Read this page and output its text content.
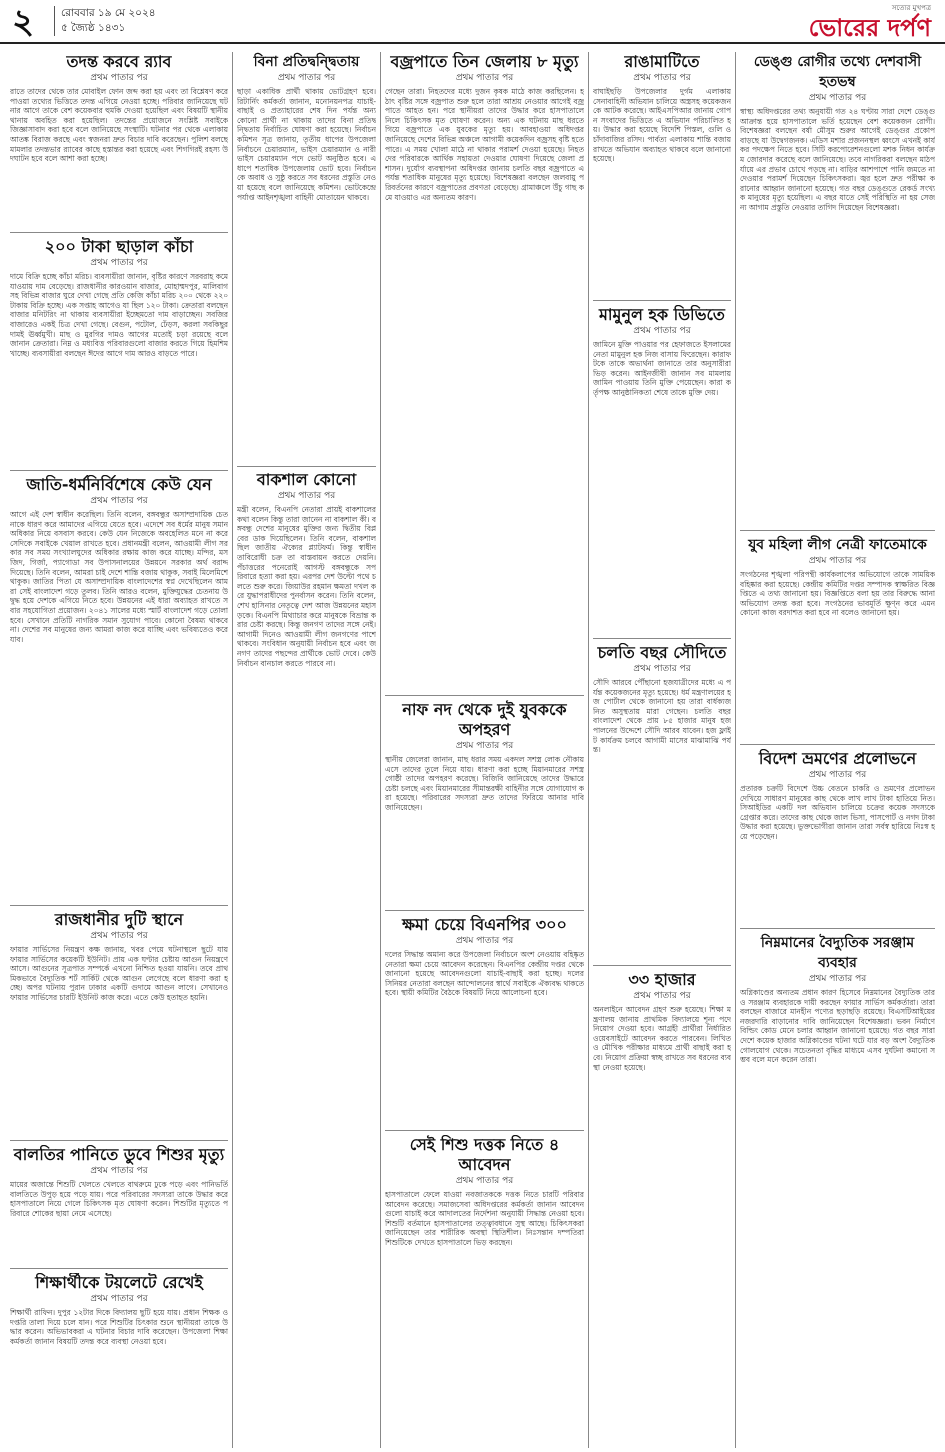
২	রোববার ১৯ মে ২০২৪
৫ জ্যৈষ্ঠ ১৪৩১
সত্যের মুখপত্র
ভোরের দর্পণ
তদন্ত করবে র‌্যাব
প্রথম পাতার পর
রাতে তাদের থেকে তার মোবাইল ফোন জব্দ করা হয় এবং তা বিশ্লেষণ করে পাওয়া তথ্যের ভিত্তিতে তদন্ত এগিয়ে নেওয়া হচ্ছে। পরিবার জানিয়েছে ঘটনার আগে তাকে বেশ কয়েকবার হুমকি দেওয়া হয়েছিল এবং বিষয়টি স্থানীয় থানায় অবহিত করা হয়েছিল। তদন্তের প্রয়োজনে সংশ্লিষ্ট সবাইকে জিজ্ঞাসাবাদ করা হবে বলে জানিয়েছে সংস্থাটি। ঘটনার পর থেকে এলাকায় আতঙ্ক বিরাজ করছে এবং স্বজনরা দ্রুত বিচার দাবি করেছেন। পুলিশ বলছে মামলার তদন্তভার র‌্যাবের কাছে হস্তান্তর করা হয়েছে এবং শিগগিরই রহস্য উদঘাটন হবে বলে আশা করা হচ্ছে।
২০০ টাকা ছাড়াল কাঁচা
প্রথম পাতার পর
দামে বিক্রি হচ্ছে কাঁচা মরিচ। ব্যবসায়ীরা জানান, বৃষ্টির কারণে সরবরাহ কমে যাওয়ায় দাম বেড়েছে। রাজধানীর কারওয়ান বাজার, মোহাম্মদপুর, মালিবাগসহ বিভিন্ন বাজার ঘুরে দেখা গেছে প্রতি কেজি কাঁচা মরিচ ২০০ থেকে ২২০ টাকায় বিক্রি হচ্ছে। এক সপ্তাহ আগেও যা ছিল ১২০ টাকা। ক্রেতারা বলছেন বাজার মনিটরিং না থাকায় ব্যবসায়ীরা ইচ্ছেমতো দাম বাড়াচ্ছেন। সবজির বাজারেও একই চিত্র দেখা গেছে। বেগুন, পটোল, ঢেঁড়স, করলা সবকিছুর দামই ঊর্ধ্বমুখী। মাছ ও মুরগির দামও আগের মতোই চড়া রয়েছে বলে জানান ক্রেতারা। নিম্ন ও মধ্যবিত্ত পরিবারগুলো বাজার করতে গিয়ে হিমশিম খাচ্ছে। ব্যবসায়ীরা বলছেন ঈদের আগে দাম আরও বাড়তে পারে।
জাতি-ধর্মনির্বিশেষে কেউ যেন
প্রথম পাতার পর
আগে এই দেশ স্বাধীন করেছিল। তিনি বলেন, বঙ্গবন্ধুর অসাম্প্রদায়িক চেতনাকে ধারণ করে আমাদের এগিয়ে যেতে হবে। এদেশে সব ধর্মের মানুষ সমান অধিকার নিয়ে বসবাস করবে। কেউ যেন নিজেকে অবহেলিত মনে না করে সেদিকে সবাইকে খেয়াল রাখতে হবে। প্রধানমন্ত্রী বলেন, আওয়ামী লীগ সরকার সব সময় সংখ্যালঘুদের অধিকার রক্ষায় কাজ করে যাচ্ছে। মন্দির, মসজিদ, গির্জা, প্যাগোডা সব উপাসনালয়ের উন্নয়নে সরকার অর্থ বরাদ্দ দিয়েছে। তিনি বলেন, আমরা চাই দেশে শান্তি বজায় থাকুক, সবাই মিলেমিশে থাকুক। জাতির পিতা যে অসাম্প্রদায়িক বাংলাদেশের স্বপ্ন দেখেছিলেন আমরা সেই বাংলাদেশ গড়ে তুলব। তিনি আরও বলেন, মুক্তিযুদ্ধের চেতনায় উদ্বুদ্ধ হয়ে দেশকে এগিয়ে নিতে হবে। উন্নয়নের এই ধারা অব্যাহত রাখতে সবার সহযোগিতা প্রয়োজন। ২০৪১ সালের মধ্যে স্মার্ট বাংলাদেশ গড়ে তোলা হবে। সেখানে প্রতিটি নাগরিক সমান সুযোগ পাবে। কোনো বৈষম্য থাকবে না। দেশের সব মানুষের জন্য আমরা কাজ করে যাচ্ছি এবং ভবিষ্যতেও করে যাব।
রাজধানীর দুটি স্থানে
প্রথম পাতার পর
ফায়ার সার্ভিসের নিয়ন্ত্রণ কক্ষ জানায়, খবর পেয়ে ঘটনাস্থলে ছুটে যায় ফায়ার সার্ভিসের কয়েকটি ইউনিট। প্রায় এক ঘণ্টার চেষ্টায় আগুন নিয়ন্ত্রণে আসে। আগুনের সূত্রপাত সম্পর্কে এখনো নিশ্চিত হওয়া যায়নি। তবে প্রাথমিকভাবে বৈদ্যুতিক শর্ট সার্কিট থেকে আগুন লেগেছে বলে ধারণা করা হচ্ছে। অপর ঘটনায় পুরান ঢাকার একটি গুদামে আগুন লাগে। সেখানেও ফায়ার সার্ভিসের চারটি ইউনিট কাজ করে। এতে কেউ হতাহত হয়নি।
বালতির পানিতে ডুবে শিশুর মৃত্যু
প্রথম পাতার পর
মায়ের অজান্তে শিশুটি খেলতে খেলতে বাথরুমে ঢুকে পড়ে এবং পানিভর্তি বালতিতে উপুড় হয়ে পড়ে যায়। পরে পরিবারের সদস্যরা তাকে উদ্ধার করে হাসপাতালে নিয়ে গেলে চিকিৎসক মৃত ঘোষণা করেন। শিশুটির মৃত্যুতে পরিবারে শোকের ছায়া নেমে এসেছে।
শিক্ষার্থীকে টয়লেটে রেখেই
প্রথম পাতার পর
শিক্ষার্থী রাফিন। দুপুর ১২টার দিকে বিদ্যালয় ছুটি হয়ে যায়। প্রধান শিক্ষক ও দপ্তরি তালা দিয়ে চলে যান। পরে শিশুটির চিৎকার শুনে স্থানীয়রা তাকে উদ্ধার করেন। অভিভাবকরা এ ঘটনার বিচার দাবি করেছেন। উপজেলা শিক্ষা কর্মকর্তা জানান বিষয়টি তদন্ত করে ব্যবস্থা নেওয়া হবে।
বিনা প্রতিদ্বন্দ্বিতায়
প্রথম পাতার পর
ছাড়া একাধিক প্রার্থী থাকায় ভোটগ্রহণ হবে। রিটার্নিং কর্মকর্তা জানান, মনোনয়নপত্র যাচাই-বাছাই ও প্রত্যাহারের শেষ দিন পর্যন্ত অন্য কোনো প্রার্থী না থাকায় তাদের বিনা প্রতিদ্বন্দ্বিতায় নির্বাচিত ঘোষণা করা হয়েছে। নির্বাচন কমিশন সূত্র জানায়, তৃতীয় ধাপের উপজেলা নির্বাচনে চেয়ারম্যান, ভাইস চেয়ারম্যান ও নারী ভাইস চেয়ারম্যান পদে ভোট অনুষ্ঠিত হবে। এ ধাপে শতাধিক উপজেলায় ভোট হবে। নির্বাচনকে অবাধ ও সুষ্ঠু করতে সব ধরনের প্রস্তুতি নেওয়া হয়েছে বলে জানিয়েছে কমিশন। ভোটকেন্দ্রে পর্যাপ্ত আইনশৃঙ্খলা বাহিনী মোতায়েন থাকবে।
বাকশাল কোনো
প্রথম পাতার পর
মন্ত্রী বলেন, বিএনপি নেতারা প্রায়ই বাকশালের কথা বলেন কিন্তু তারা জানেন না বাকশাল কী। বঙ্গবন্ধু দেশের মানুষের মুক্তির জন্য দ্বিতীয় বিপ্লবের ডাক দিয়েছিলেন। তিনি বলেন, বাকশাল ছিল জাতীয় ঐক্যের প্ল্যাটফর্ম। কিন্তু স্বাধীনতাবিরোধী চক্র তা বাস্তবায়ন করতে দেয়নি। পঁচাত্তরের পনেরোই আগস্ট বঙ্গবন্ধুকে সপরিবারে হত্যা করা হয়। এরপর দেশ উল্টো পথে চলতে শুরু করে। জিয়াউর রহমান ক্ষমতা দখল করে যুদ্ধাপরাধীদের পুনর্বাসন করেন। তিনি বলেন, শেখ হাসিনার নেতৃত্বে দেশ আজ উন্নয়নের মহাসড়কে। বিএনপি মিথ্যাচার করে মানুষকে বিভ্রান্ত করার চেষ্টা করছে। কিন্তু জনগণ তাদের সঙ্গে নেই। আগামী দিনেও আওয়ামী লীগ জনগণের পাশে থাকবে। সংবিধান অনুযায়ী নির্বাচন হবে এবং জনগণ তাদের পছন্দের প্রার্থীকে ভোট দেবে। কেউ নির্বাচন বানচাল করতে পারবে না।
বজ্রপাতে তিন জেলায় ৮ মৃত্যু
প্রথম পাতার পর
গেছেন তারা। নিহতদের মধ্যে দুজন কৃষক মাঠে কাজ করছিলেন। হঠাৎ বৃষ্টির সঙ্গে বজ্রপাত শুরু হলে তারা আশ্রয় নেওয়ার আগেই বজ্রপাতে আহত হন। পরে স্থানীয়রা তাদের উদ্ধার করে হাসপাতালে নিলে চিকিৎসক মৃত ঘোষণা করেন। অন্য এক ঘটনায় মাছ ধরতে গিয়ে বজ্রপাতে এক যুবকের মৃত্যু হয়। আবহাওয়া অধিদপ্তর জানিয়েছে দেশের বিভিন্ন অঞ্চলে আগামী কয়েকদিন বজ্রসহ বৃষ্টি হতে পারে। এ সময় খোলা মাঠে না থাকার পরামর্শ দেওয়া হয়েছে। নিহতদের পরিবারকে আর্থিক সহায়তা দেওয়ার ঘোষণা দিয়েছে জেলা প্রশাসন। দুর্যোগ ব্যবস্থাপনা অধিদপ্তর জানায় চলতি বছর বজ্রপাতে এ পর্যন্ত শতাধিক মানুষের মৃত্যু হয়েছে। বিশেষজ্ঞরা বলছেন জলবায়ু পরিবর্তনের কারণে বজ্রপাতের প্রবণতা বেড়েছে। গ্রামাঞ্চলে উঁচু গাছ কমে যাওয়াও এর অন্যতম কারণ।
নাফ নদ থেকে দুই যুবককে অপহরণ
প্রথম পাতার পর
স্থানীয় জেলেরা জানান, মাছ ধরার সময় একদল সশস্ত্র লোক নৌকায় এসে তাদের তুলে নিয়ে যায়। ধারণা করা হচ্ছে মিয়ানমারের সশস্ত্র গোষ্ঠী তাদের অপহরণ করেছে। বিজিবি জানিয়েছে তাদের উদ্ধারে চেষ্টা চলছে এবং মিয়ানমারের সীমান্তরক্ষী বাহিনীর সঙ্গে যোগাযোগ করা হয়েছে। পরিবারের সদস্যরা দ্রুত তাদের ফিরিয়ে আনার দাবি জানিয়েছেন।
ক্ষমা চেয়ে বিএনপির ৩০০
প্রথম পাতার পর
দলের সিদ্ধান্ত অমান্য করে উপজেলা নির্বাচনে অংশ নেওয়ায় বহিষ্কৃত নেতারা ক্ষমা চেয়ে আবেদন করেছেন। বিএনপির কেন্দ্রীয় দপ্তর থেকে জানানো হয়েছে আবেদনগুলো যাচাই-বাছাই করা হচ্ছে। দলের সিনিয়র নেতারা বলছেন আন্দোলনের স্বার্থে সবাইকে ঐক্যবদ্ধ থাকতে হবে। স্থায়ী কমিটির বৈঠকে বিষয়টি নিয়ে আলোচনা হবে।
সেই শিশু দত্তক নিতে ৪ আবেদন
প্রথম পাতার পর
হাসপাতালে ফেলে যাওয়া নবজাতককে দত্তক নিতে চারটি পরিবার আবেদন করেছে। সমাজসেবা অধিদপ্তরের কর্মকর্তা জানান আবেদনগুলো যাচাই করে আদালতের নির্দেশনা অনুযায়ী সিদ্ধান্ত নেওয়া হবে। শিশুটি বর্তমানে হাসপাতালের তত্ত্বাবধানে সুস্থ আছে। চিকিৎসকরা জানিয়েছেন তার শারীরিক অবস্থা স্থিতিশীল। নিঃসন্তান দম্পতিরা শিশুটিকে দেখতে হাসপাতালে ভিড় করছেন।
রাঙামাটিতে
প্রথম পাতার পর
বাঘাইছড়ি উপজেলার দুর্গম এলাকায় সেনাবাহিনী অভিযান চালিয়ে অস্ত্রসহ কয়েকজনকে আটক করেছে। আইএসপিআর জানায় গোপন সংবাদের ভিত্তিতে এ অভিযান পরিচালিত হয়। উদ্ধার করা হয়েছে বিদেশি পিস্তল, গুলি ও চাঁদাবাজির রসিদ। পার্বত্য এলাকায় শান্তি বজায় রাখতে অভিযান অব্যাহত থাকবে বলে জানানো হয়েছে।
মামুনুল হক ডিভিতে
প্রথম পাতার পর
জামিনে মুক্তি পাওয়ার পর হেফাজতে ইসলামের নেতা মামুনুল হক নিজ বাসায় ফিরেছেন। কারাফটকে তাকে অভ্যর্থনা জানাতে তার অনুসারীরা ভিড় করেন। আইনজীবী জানান সব মামলায় জামিন পাওয়ায় তিনি মুক্তি পেয়েছেন। কারা কর্তৃপক্ষ আনুষ্ঠানিকতা শেষে তাকে মুক্তি দেয়।
চলতি বছর সৌদিতে
প্রথম পাতার পর
সৌদি আরবে পৌঁছানো হজযাত্রীদের মধ্যে এ পর্যন্ত কয়েকজনের মৃত্যু হয়েছে। ধর্ম মন্ত্রণালয়ের হজ পোর্টাল থেকে জানানো হয় তারা বার্ধক্যজনিত অসুস্থতায় মারা গেছেন। চলতি বছর বাংলাদেশ থেকে প্রায় ৮৫ হাজার মানুষ হজ পালনের উদ্দেশে সৌদি আরব যাবেন। হজ ফ্লাইট কার্যক্রম চলবে আগামী মাসের মাঝামাঝি পর্যন্ত।
৩৩ হাজার
প্রথম পাতার পর
অনলাইনে আবেদন গ্রহণ শুরু হয়েছে। শিক্ষা মন্ত্রণালয় জানায় প্রাথমিক বিদ্যালয়ে শূন্য পদে নিয়োগ দেওয়া হবে। আগ্রহী প্রার্থীরা নির্ধারিত ওয়েবসাইটে আবেদন করতে পারবেন। লিখিত ও মৌখিক পরীক্ষার মাধ্যমে প্রার্থী বাছাই করা হবে। নিয়োগ প্রক্রিয়া স্বচ্ছ রাখতে সব ধরনের ব্যবস্থা নেওয়া হয়েছে।
ডেঙ্গু রোগীর তথ্যে দেশবাসী হতভম্ব
প্রথম পাতার পর
স্বাস্থ্য অধিদপ্তরের তথ্য অনুযায়ী গত ২৪ ঘণ্টায় সারা দেশে ডেঙ্গু আক্রান্ত হয়ে হাসপাতালে ভর্তি হয়েছেন বেশ কয়েকজন রোগী। বিশেষজ্ঞরা বলছেন বর্ষা মৌসুম শুরুর আগেই ডেঙ্গুর প্রকোপ বাড়ছে যা উদ্বেগজনক। এডিস মশার প্রজননস্থল ধ্বংসে এখনই কার্যকর পদক্ষেপ নিতে হবে। সিটি করপোরেশনগুলো মশক নিধন কার্যক্রম জোরদার করেছে বলে জানিয়েছে। তবে নাগরিকরা বলছেন মাঠপর্যায়ে এর প্রভাব চোখে পড়ছে না। বাড়ির আশপাশে পানি জমতে না দেওয়ার পরামর্শ দিয়েছেন চিকিৎসকরা। জ্বর হলে দ্রুত পরীক্ষা করানোর আহ্বান জানানো হয়েছে। গত বছর ডেঙ্গুতে রেকর্ড সংখ্যক মানুষের মৃত্যু হয়েছিল। এ বছর যাতে সেই পরিস্থিতি না হয় সেজন্য আগাম প্রস্তুতি নেওয়ার তাগিদ দিয়েছেন বিশেষজ্ঞরা।
যুব মহিলা লীগ নেত্রী ফাতেমাকে
প্রথম পাতার পর
সংগঠনের শৃঙ্খলা পরিপন্থী কার্যকলাপের অভিযোগে তাকে সাময়িক বহিষ্কার করা হয়েছে। কেন্দ্রীয় কমিটির দপ্তর সম্পাদক স্বাক্ষরিত বিজ্ঞপ্তিতে এ তথ্য জানানো হয়। বিজ্ঞপ্তিতে বলা হয় তার বিরুদ্ধে আনা অভিযোগ তদন্ত করা হবে। সংগঠনের ভাবমূর্তি ক্ষুণ্ন করে এমন কোনো কাজ বরদাশত করা হবে না বলেও জানানো হয়।
বিদেশ ভ্রমণের প্রলোভনে
প্রথম পাতার পর
প্রতারক চক্রটি বিদেশে উচ্চ বেতনে চাকরি ও ভ্রমণের প্রলোভন দেখিয়ে সাধারণ মানুষের কাছ থেকে লাখ লাখ টাকা হাতিয়ে নিত। সিআইডির একটি দল অভিযান চালিয়ে চক্রের কয়েক সদস্যকে গ্রেপ্তার করে। তাদের কাছ থেকে জাল ভিসা, পাসপোর্ট ও নগদ টাকা উদ্ধার করা হয়েছে। ভুক্তভোগীরা জানান তারা সর্বস্ব হারিয়ে নিঃস্ব হয়ে পড়েছেন।
নিম্নমানের বৈদ্যুতিক সরঞ্জাম ব্যবহার
প্রথম পাতার পর
অগ্নিকাণ্ডের অন্যতম প্রধান কারণ হিসেবে নিম্নমানের বৈদ্যুতিক তার ও সরঞ্জাম ব্যবহারকে দায়ী করছেন ফায়ার সার্ভিস কর্মকর্তারা। তারা বলছেন বাজারে মানহীন পণ্যের ছড়াছড়ি রয়েছে। বিএসটিআইয়ের নজরদারি বাড়ানোর দাবি জানিয়েছেন বিশেষজ্ঞরা। ভবন নির্মাণে বিল্ডিং কোড মেনে চলার আহ্বান জানানো হয়েছে। গত বছর সারা দেশে কয়েক হাজার অগ্নিকাণ্ডের ঘটনা ঘটে যার বড় অংশ বৈদ্যুতিক গোলযোগ থেকে। সচেতনতা বৃদ্ধির মাধ্যমে এসব দুর্ঘটনা কমানো সম্ভব বলে মনে করেন তারা।
